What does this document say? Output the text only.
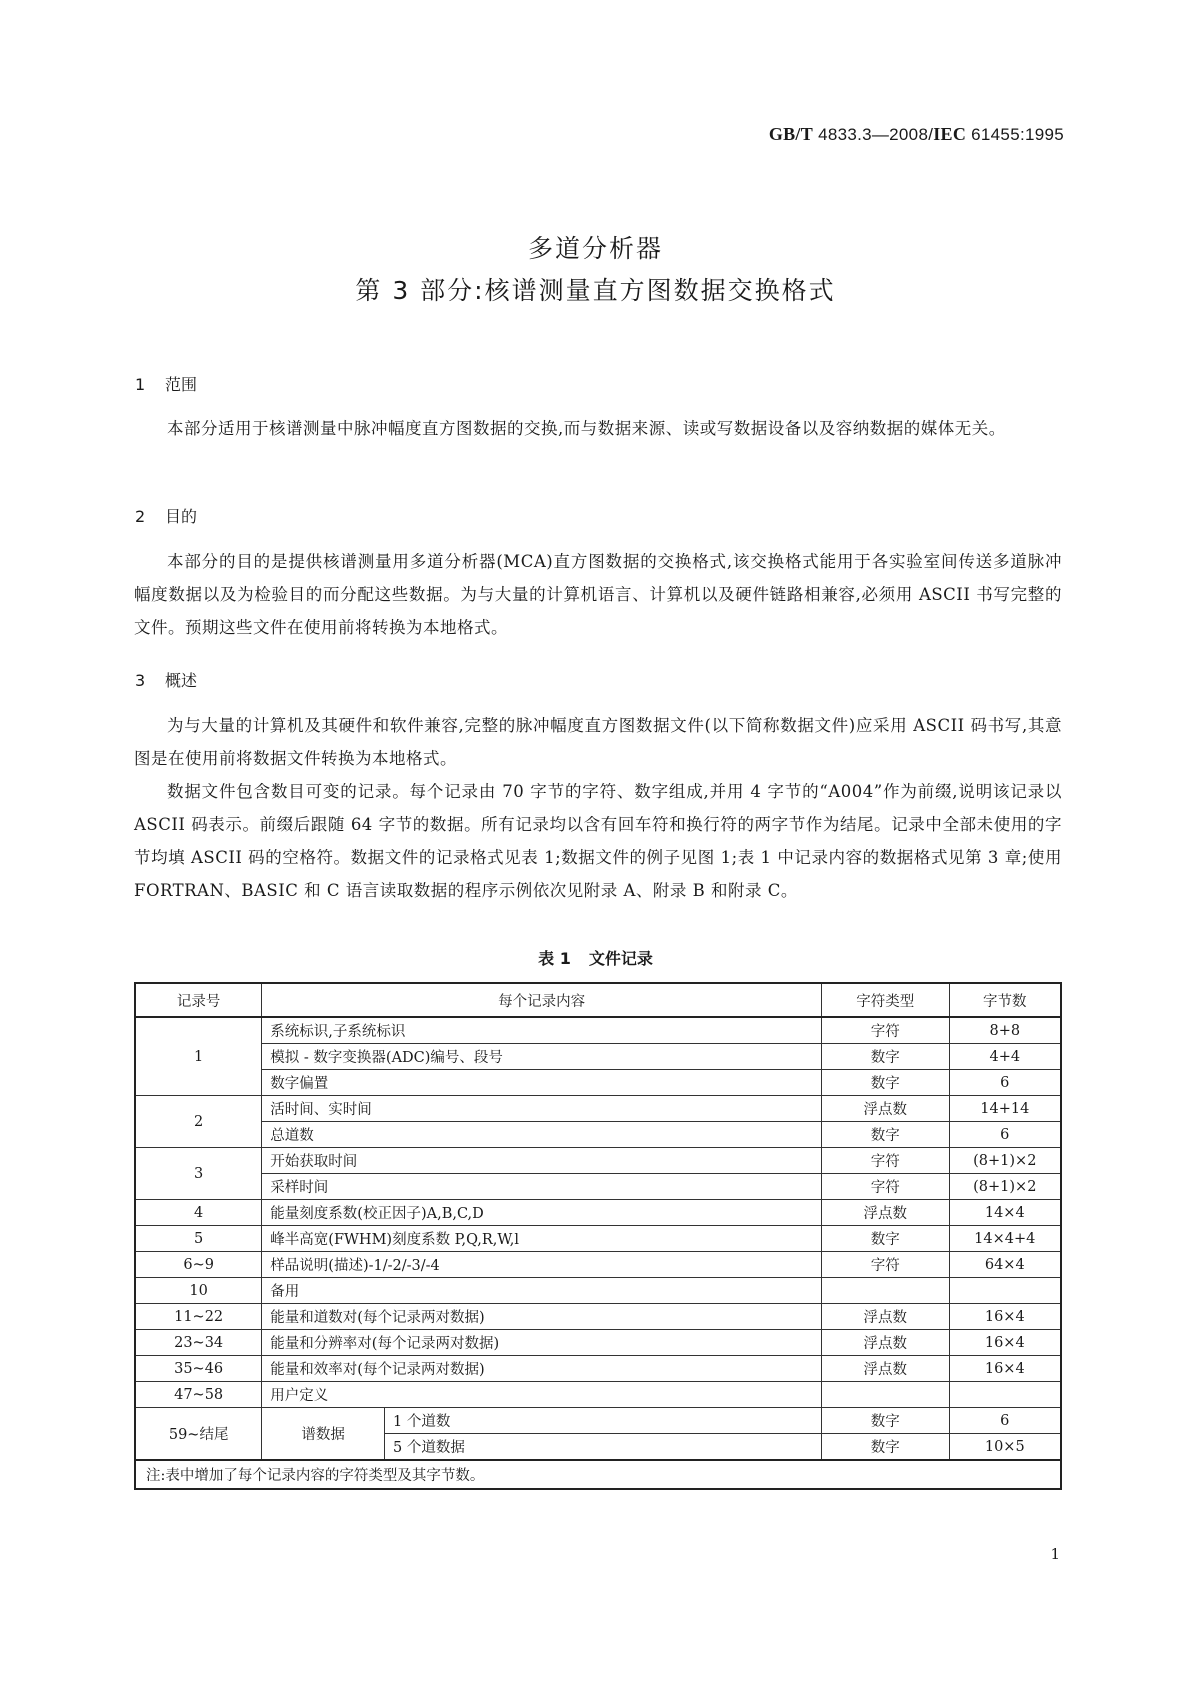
GB/T 4833.3—2008/IEC 61455:1995
多道分析器
第 3 部分:核谱测量直方图数据交换格式
1 范围
本部分适用于核谱测量中脉冲幅度直方图数据的交换,而与数据来源、读或写数据设备以及容纳数据的媒体无关。
2 目的
本部分的目的是提供核谱测量用多道分析器(MCA)直方图数据的交换格式,该交换格式能用于各实验室间传送多道脉冲幅度数据以及为检验目的而分配这些数据。为与大量的计算机语言、计算机以及硬件链路相兼容,必须用 ASCII 书写完整的文件。预期这些文件在使用前将转换为本地格式。
3 概述
为与大量的计算机及其硬件和软件兼容,完整的脉冲幅度直方图数据文件(以下简称数据文件)应采用 ASCII 码书写,其意图是在使用前将数据文件转换为本地格式。
数据文件包含数目可变的记录。每个记录由 70 字节的字符、数字组成,并用 4 字节的“A004”作为前缀,说明该记录以 ASCII 码表示。前缀后跟随 64 字节的数据。所有记录均以含有回车符和换行符的两字节作为结尾。记录中全部未使用的字节均填 ASCII 码的空格符。数据文件的记录格式见表 1;数据文件的例子见图 1;表 1 中记录内容的数据格式见第 3 章;使用 FORTRAN、BASIC 和 C 语言读取数据的程序示例依次见附录 A、附录 B 和附录 C。
表 1 文件记录
记录号	每个记录内容		字符类型	字节数
1	系统标识,子系统标识		字符	8+8
	模拟 - 数字变换器(ADC)编号、段号		数字	4+4
	数字偏置		数字	6
2	活时间、实时间		浮点数	14+14
	总道数		数字	6
3	开始获取时间		字符	(8+1)×2
	采样时间		字符	(8+1)×2
4	能量刻度系数(校正因子)A,B,C,D		浮点数	14×4
5	峰半高宽(FWHM)刻度系数 P,Q,R,W,l		数字	14×4+4
6~9	样品说明(描述)-1/-2/-3/-4		字符	64×4
10	备用			
11~22	能量和道数对(每个记录两对数据)		浮点数	16×4
23~34	能量和分辨率对(每个记录两对数据)		浮点数	16×4
35~46	能量和效率对(每个记录两对数据)		浮点数	16×4
47~58	用户定义			
59~结尾	谱数据	1 个道数	数字	6
		5 个道数据	数字	10×5
注:表中增加了每个记录内容的字符类型及其字节数。				
1
